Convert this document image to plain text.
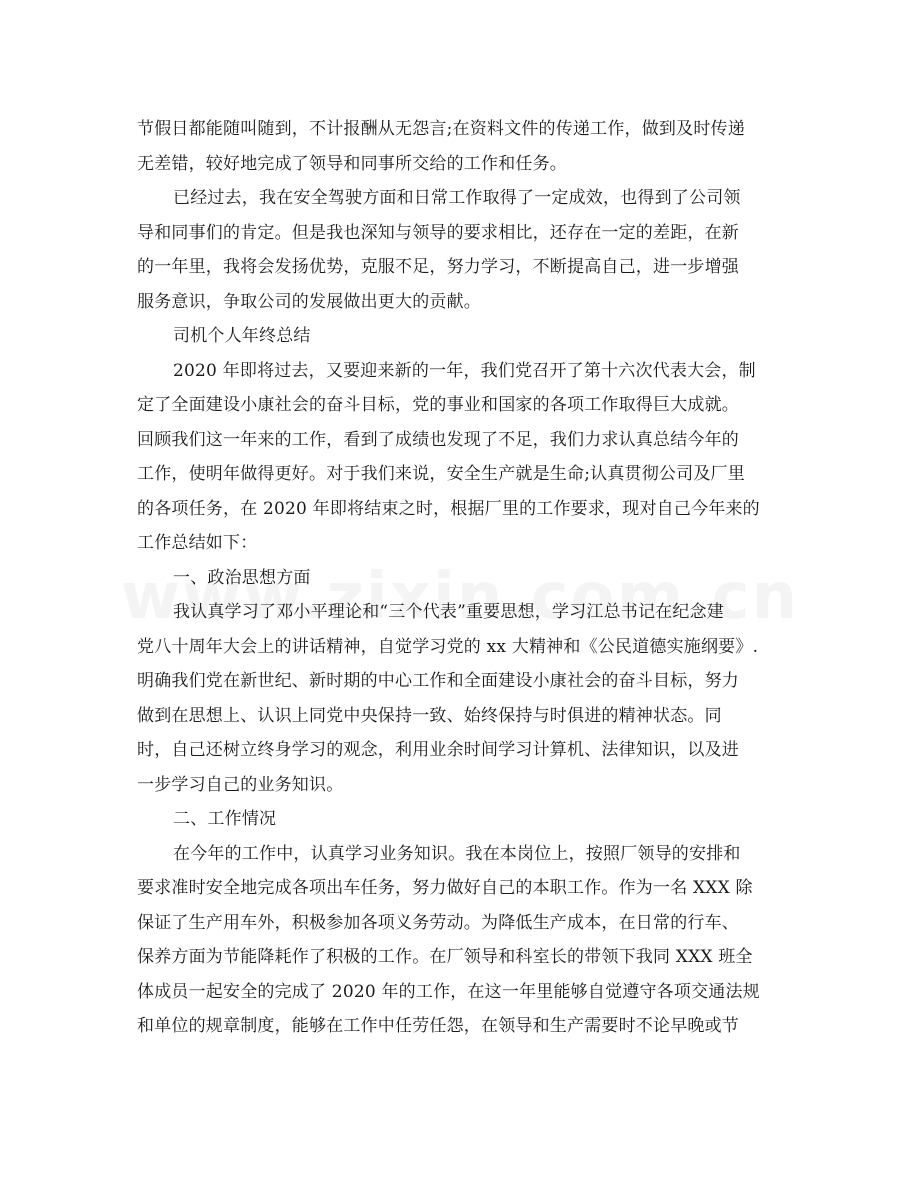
节假日都能随叫随到，不计报酬从无怨言;在资料文件的传递工作，做到及时传递
无差错，较好地完成了领导和同事所交给的工作和任务。
已经过去，我在安全驾驶方面和日常工作取得了一定成效，也得到了公司领
导和同事们的肯定。但是我也深知与领导的要求相比，还存在一定的差距，在新
的一年里，我将会发扬优势，克服不足，努力学习，不断提高自己，进一步增强
服务意识，争取公司的发展做出更大的贡献。
司机个人年终总结
2020 年即将过去，又要迎来新的一年，我们党召开了第十六次代表大会，制
定了全面建设小康社会的奋斗目标，党的事业和国家的各项工作取得巨大成就。
回顾我们这一年来的工作，看到了成绩也发现了不足，我们力求认真总结今年的
工作，使明年做得更好。对于我们来说，安全生产就是生命;认真贯彻公司及厂里
的各项任务，在 2020 年即将结束之时，根据厂里的工作要求，现对自己今年来的
工作总结如下：
一、政治思想方面
我认真学习了邓小平理论和“三个代表”重要思想，学习江总书记在纪念建
党八十周年大会上的讲话精神，自觉学习党的 xx 大精神和《公民道德实施纲要》.
明确我们党在新世纪、新时期的中心工作和全面建设小康社会的奋斗目标，努力
做到在思想上、认识上同党中央保持一致、始终保持与时俱进的精神状态。同
时，自己还树立终身学习的观念，利用业余时间学习计算机、法律知识，以及进
一步学习自己的业务知识。
二、工作情况
在今年的工作中，认真学习业务知识。我在本岗位上，按照厂领导的安排和
要求准时安全地完成各项出车任务，努力做好自己的本职工作。作为一名 XXX 除
保证了生产用车外，积极参加各项义务劳动。为降低生产成本，在日常的行车、
保养方面为节能降耗作了积极的工作。在厂领导和科室长的带领下我同 XXX 班全
体成员一起安全的完成了 2020 年的工作，在这一年里能够自觉遵守各项交通法规
和单位的规章制度，能够在工作中任劳任怨，在领导和生产需要时不论早晚或节
